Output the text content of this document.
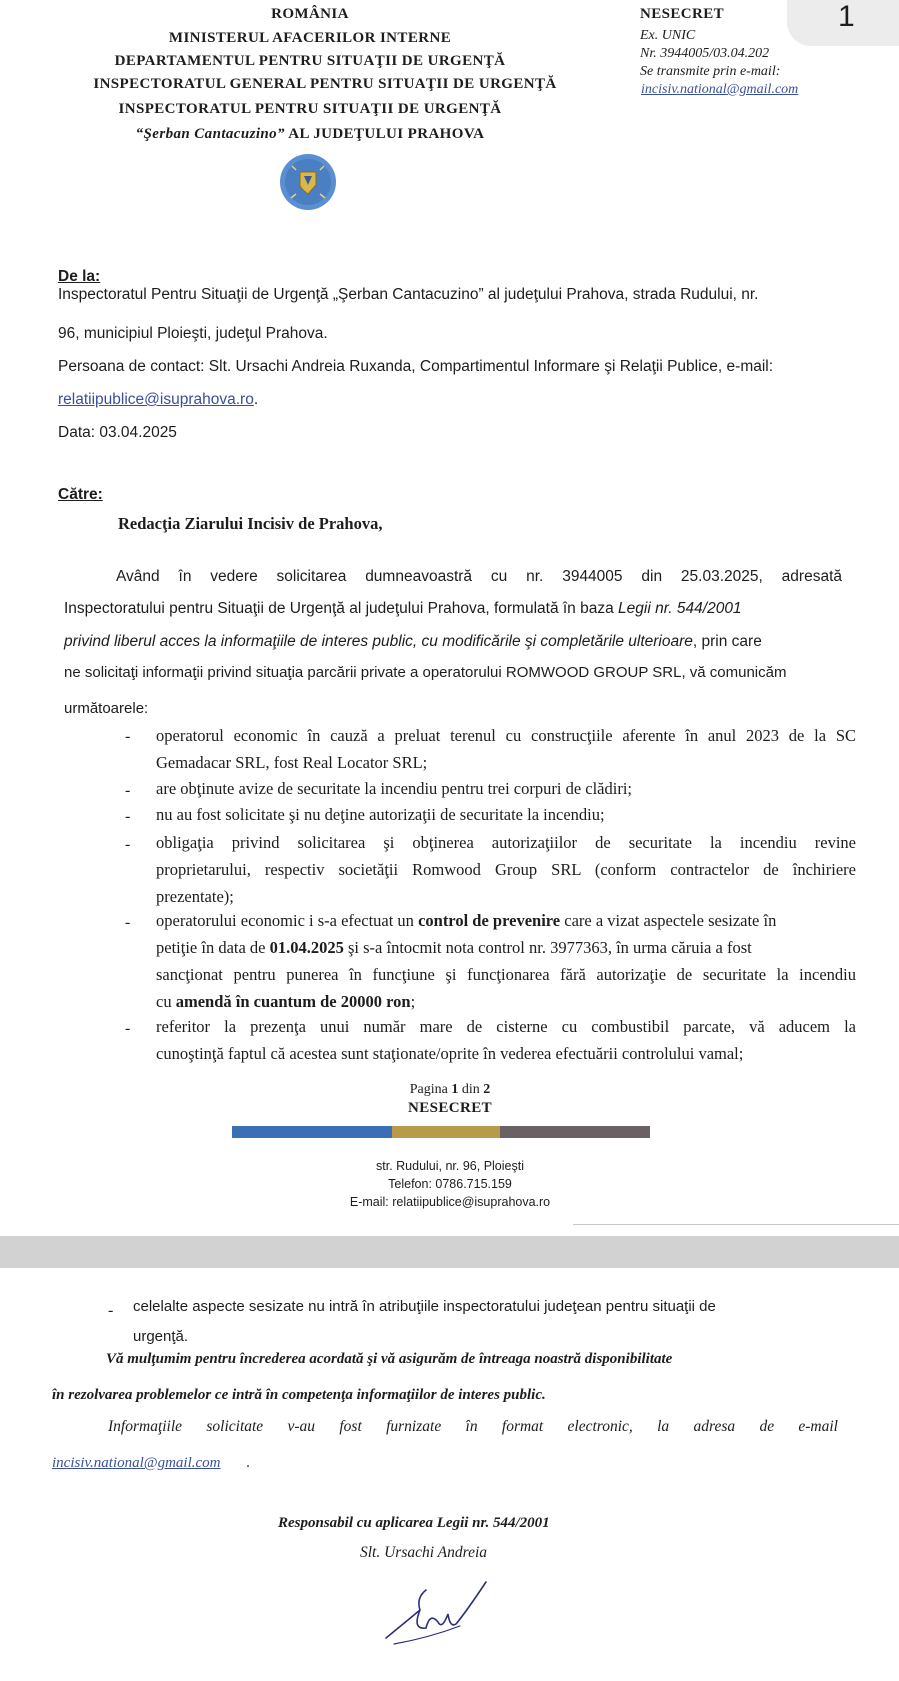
ROMÂNIA
MINISTERUL AFACERILOR INTERNE
DEPARTAMENTUL PENTRU SITUAŢII DE URGENŢĂ
INSPECTORATUL GENERAL PENTRU SITUAŢII DE URGENŢĂ
INSPECTORATUL PENTRU SITUAŢII DE URGENŢĂ
“Şerban Cantacuzino” AL JUDEŢULUI PRAHOVA
NESECRET
Ex. UNIC
Nr. 3944005/03.04.202
Se transmite prin e-mail:
incisiv.national@gmail.com
1
De la:
Inspectoratul Pentru Situaţii de Urgenţă „Şerban Cantacuzino” al judeţului Prahova, strada Rudului, nr.
96, municipiul Ploieşti, judeţul Prahova.
Persoana de contact: Slt. Ursachi Andreia Ruxanda, Compartimentul Informare şi Relaţii Publice, e-mail:
relatiipublice@isuprahova.ro.
Data: 03.04.2025
Către:
Redacţia Ziarului Incisiv de Prahova,
Având în vedere solicitarea dumneavoastră cu nr. 3944005 din 25.03.2025, adresată
Inspectoratului pentru Situaţii de Urgenţă al judeţului Prahova, formulată în baza Legii nr. 544/2001
privind liberul acces la informaţiile de interes public, cu modificările şi completările ulterioare, prin care
ne solicitaţi informaţii privind situaţia parcării private a operatorului ROMWOOD GROUP SRL, vă comunicăm
următoarele:
- operatorul economic în cauză a preluat terenul cu construcţiile aferente în anul 2023 de la SC
Gemadacar SRL, fost Real Locator SRL;
- are obţinute avize de securitate la incendiu pentru trei corpuri de clădiri;
- nu au fost solicitate şi nu deţine autorizaţii de securitate la incendiu;
- obligaţia privind solicitarea şi obţinerea autorizaţiilor de securitate la incendiu revine
proprietarului, respectiv societăţii Romwood Group SRL (conform contractelor de închiriere
prezentate);
- operatorului economic i s-a efectuat un control de prevenire care a vizat aspectele sesizate în
petiţie în data de 01.04.2025 şi s-a întocmit nota control nr. 3977363, în urma căruia a fost
sancţionat pentru punerea în funcţiune şi funcţionarea fără autorizaţie de securitate la incendiu
cu amendă în cuantum de 20000 ron;
- referitor la prezenţa unui număr mare de cisterne cu combustibil parcate, vă aducem la
cunoştinţă faptul că acestea sunt staţionate/oprite în vederea efectuării controlului vamal;
Pagina 1 din 2
NESECRET
str. Rudului, nr. 96, Ploieşti
Telefon: 0786.715.159
E-mail: relatiipublice@isuprahova.ro
- celelalte aspecte sesizate nu intră în atribuţiile inspectoratului judeţean pentru situaţii de
urgenţă.
Vă mulţumim pentru încrederea acordată şi vă asigurăm de întreaga noastră disponibilitate
în rezolvarea problemelor ce intră în competenţa informaţiilor de interes public.
Informaţiile solicitate v-au fost furnizate în format electronic, la adresa de e-mail
incisiv.national@gmail.com .
Responsabil cu aplicarea Legii nr. 544/2001
Slt. Ursachi Andreia
